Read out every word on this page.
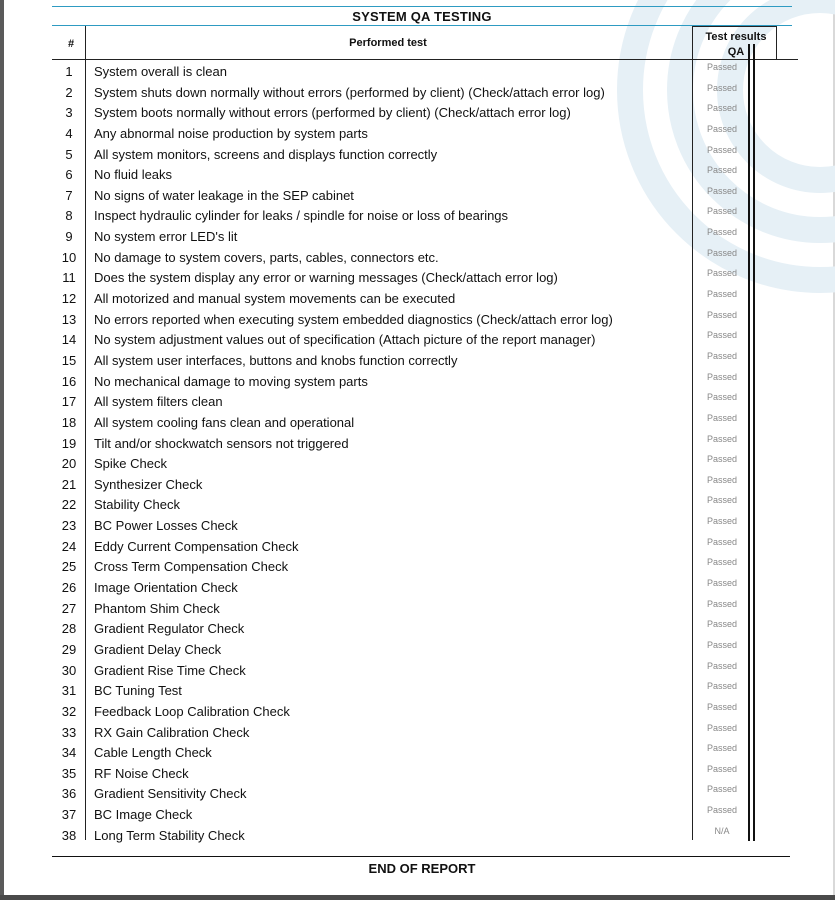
SYSTEM QA TESTING
#	Performed test	Test results
QA
1	System overall is clean	Passed
2	System shuts down normally without errors (performed by client) (Check/attach error log)	Passed
3	System boots normally without errors (performed by client) (Check/attach error log)	Passed
4	Any abnormal noise production by system parts	Passed
5	All system monitors, screens and displays function correctly	Passed
6	No fluid leaks	Passed
7	No signs of water leakage in the SEP cabinet	Passed
8	Inspect hydraulic cylinder for leaks / spindle for noise or loss of bearings	Passed
9	No system error LED's lit	Passed
10	No damage to system covers, parts, cables, connectors etc.	Passed
11	Does the system display any error or warning messages (Check/attach error log)	Passed
12	All motorized and manual system movements can be executed	Passed
13	No errors reported when executing system embedded diagnostics (Check/attach error log)	Passed
14	No system adjustment values out of specification (Attach picture of the report manager)	Passed
15	All system user interfaces, buttons and knobs function correctly	Passed
16	No mechanical damage to moving system parts	Passed
17	All system filters clean	Passed
18	All system cooling fans clean and operational	Passed
19	Tilt and/or shockwatch sensors not triggered	Passed
20	Spike Check	Passed
21	Synthesizer Check	Passed
22	Stability Check	Passed
23	BC Power Losses Check	Passed
24	Eddy Current Compensation Check	Passed
25	Cross Term Compensation Check	Passed
26	Image Orientation Check	Passed
27	Phantom Shim Check	Passed
28	Gradient Regulator Check	Passed
29	Gradient Delay Check	Passed
30	Gradient Rise Time Check	Passed
31	BC Tuning Test	Passed
32	Feedback Loop Calibration Check	Passed
33	RX Gain Calibration Check	Passed
34	Cable Length Check	Passed
35	RF Noise Check	Passed
36	Gradient Sensitivity Check	Passed
37	BC Image Check	Passed
38	Long Term Stability Check	N/A
END OF REPORT
